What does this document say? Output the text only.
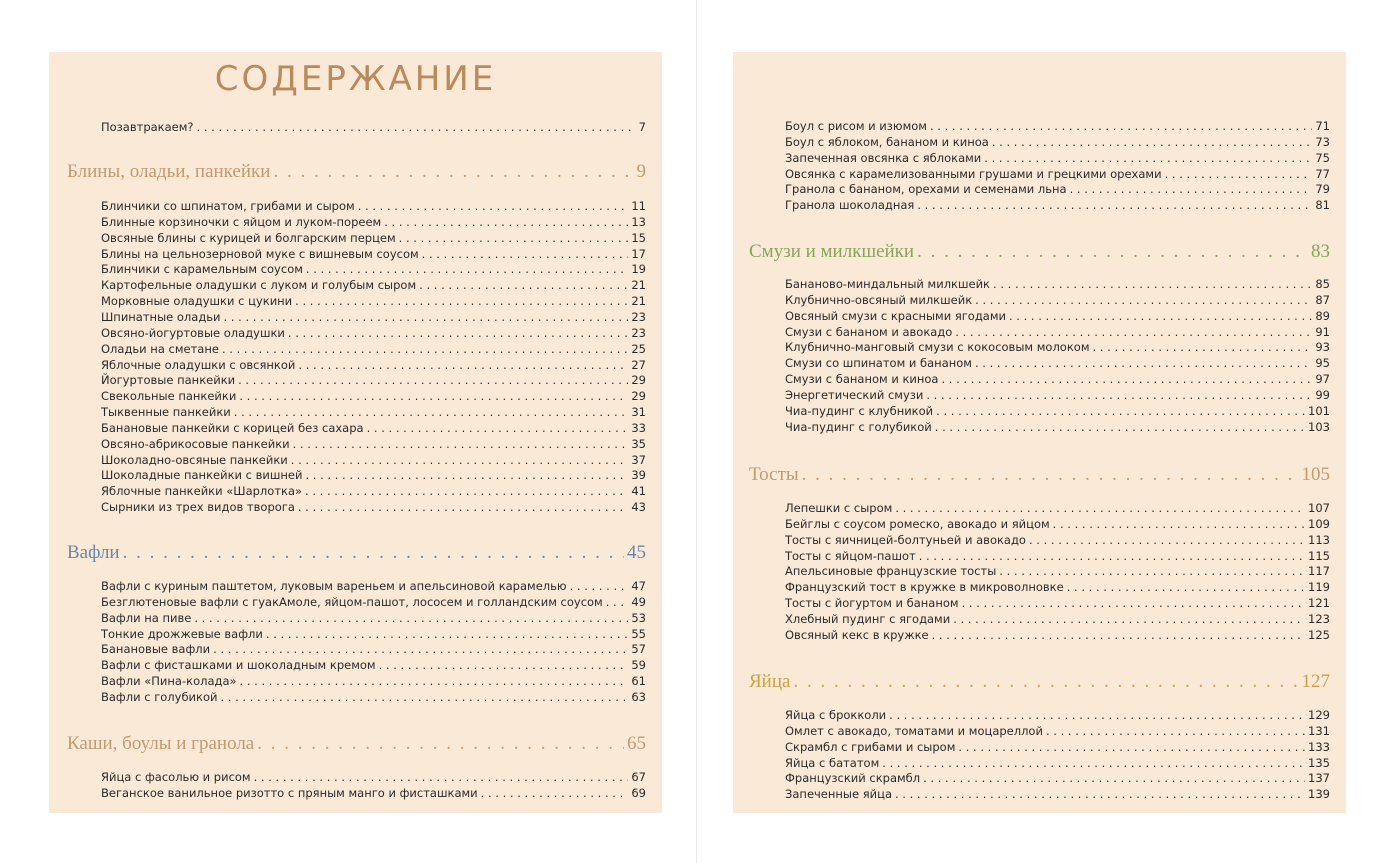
СОДЕРЖАНИЕ
Позавтракаем? . . .	7
Блины, оладьи, панкейки . . .	9
Блинчики со шпинатом, грибами и сыром . . .	11
Блинные корзиночки с яйцом и луком-пореем . . .	13
Овсяные блины с курицей и болгарским перцем . . .	15
Блины на цельнозерновой муке с вишневым соусом . . .	17
Блинчики с карамельным соусом . . .	19
Картофельные оладушки с луком и голубым сыром . . .	21
Морковные оладушки с цукини . . .	21
Шпинатные оладьи . . .	23
Овсяно-йогуртовые оладушки . . .	23
Оладьи на сметане . . .	25
Яблочные оладушки с овсянкой . . .	27
Йогуртовые панкейки . . .	29
Свекольные панкейки . . .	29
Тыквенные панкейки . . .	31
Банановые панкейки с корицей без сахара . . .	33
Овсяно-абрикосовые панкейки . . .	35
Шоколадно-овсяные панкейки . . .	37
Шоколадные панкейки с вишней . . .	39
Яблочные панкейки «Шарлотка» . . .	41
Сырники из трех видов творога . . .	43
Вафли . . .	45
Вафли с куриным паштетом, луковым вареньем и апельсиновой карамелью . . .	47
Безглютеновые вафли с гуакАмоле, яйцом-пашот, лососем и голландским соусом . . . 49
Вафли на пиве . . .	53
Тонкие дрожжевые вафли . . .	55
Банановые вафли . . .	57
Вафли с фисташками и шоколадным кремом . . .	59
Вафли «Пина-колада» . . .	61
Вафли с голубикой . . .	63
Каши, боулы и гранола . . .	65
Яйца с фасолью и рисом . . .	67
Веганское ванильное ризотто с пряным манго и фисташками . . .	69
Боул с рисом и изюмом . . .	71
Боул с яблоком, бананом и киноа . . .	73
Запеченная овсянка с яблоками . . .	75
Овсянка с карамелизованными грушами и грецкими орехами . . .	77
Гранола с бананом, орехами и семенами льна . . .	79
Гранола шоколадная . . .	81
Смузи и милкшейки . . .	83
Бананово-миндальный милкшейк . . .	85
Клубнично-овсяный милкшейк . . .	87
Овсяный смузи с красными ягодами . . .	89
Смузи с бананом и авокадо . . .	91
Клубнично-манговый смузи с кокосовым молоком . . .	93
Смузи со шпинатом и бананом . . .	95
Смузи с бананом и киноа . . .	97
Энергетический смузи . . .	99
Чиа-пудинг с клубникой . . .	101
Чиа-пудинг с голубикой . . .	103
Тосты . . .	105
Лепешки с сыром . . .	107
Бейглы с соусом ромеско, авокадо и яйцом . . .	109
Тосты с яичницей-болтуньей и авокадо . . .	113
Тосты с яйцом-пашот . . .	115
Апельсиновые французские тосты . . .	117
Французский тост в кружке в микроволновке . . .	119
Тосты с йогуртом и бананом . . .	121
Хлебный пудинг с ягодами . . .	123
Овсяный кекс в кружке . . .	125
Яйца . . .	127
Яйца с брокколи . . .	129
Омлет с авокадо, томатами и моцареллой . . .	131
Скрамбл с грибами и сыром . . .	133
Яйца с бататом . . .	135
Французский скрамбл . . .	137
Запеченные яйца . . .	139
